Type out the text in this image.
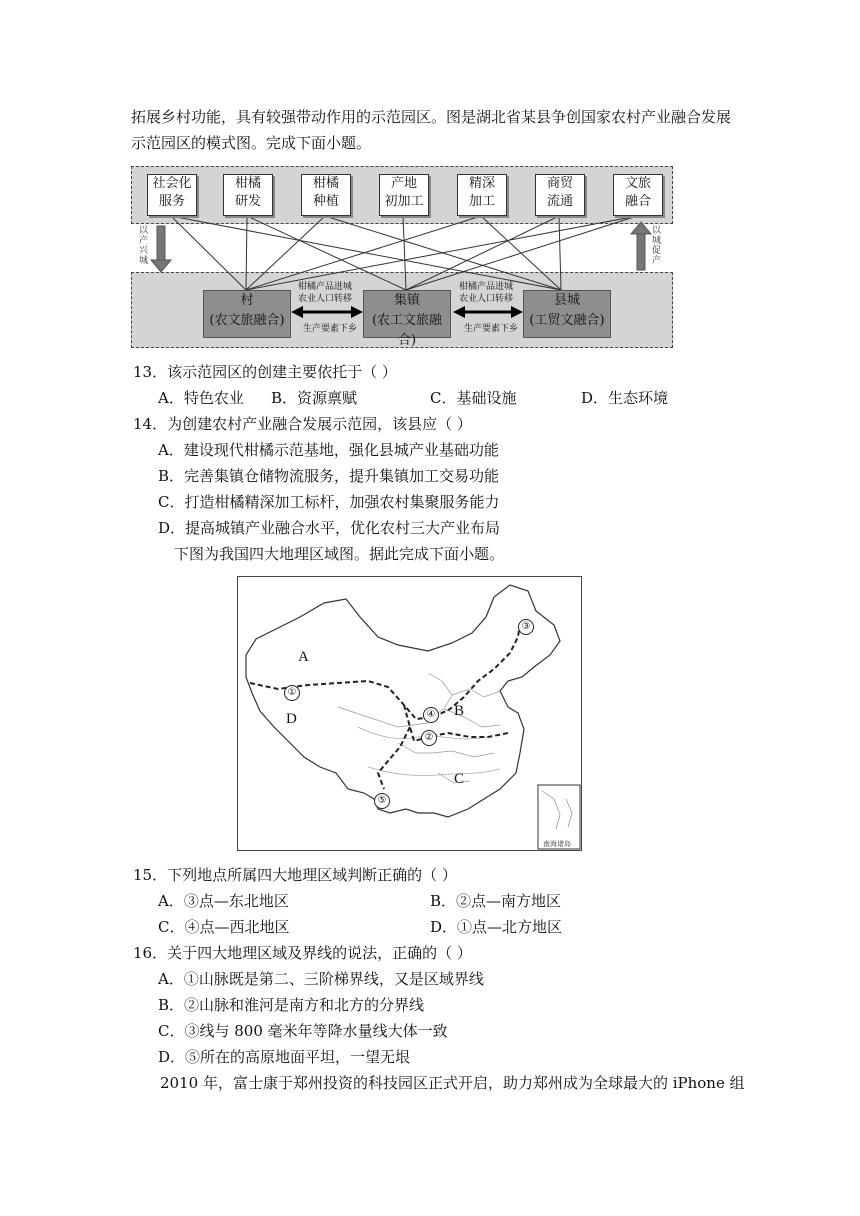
拓展乡村功能，具有较强带动作用的示范园区。图是湖北省某县争创国家农村产业融合发展
示范园区的模式图。完成下面小题。
社会化
服务
柑橘
研发
柑橘
种植
产地
初加工
精深
加工
商贸
流通
文旅
融合
村
(农文旅融合)
集镇
(农工文旅融合)
县城
(工贸文融合)
柑橘产品进城
农业人口转移
生产要素下乡
柑橘产品进城
农业人口转移
生产要素下乡
以产兴城
以城促产
13．该示范园区的创建主要依托于（ ）
A．特色农业 B．资源禀赋	C．基础设施	D．生态环境
14．为创建农村产业融合发展示范园，该县应（ ）
A．建设现代柑橘示范基地，强化县城产业基础功能
B．完善集镇仓储物流服务，提升集镇加工交易功能
C．打造柑橘精深加工标杆，加强农村集聚服务能力
D．提高城镇产业融合水平，优化农村三大产业布局
下图为我国四大地理区域图。据此完成下面小题。
A
B
C
D
①
②
③
④
⑤
南海诸岛
15．下列地点所属四大地理区域判断正确的（ ）
A．③点—东北地区	B．②点—南方地区
C．④点—西北地区	D．①点—北方地区
16．关于四大地理区域及界线的说法，正确的（ ）
A．①山脉既是第二、三阶梯界线，又是区域界线
B．②山脉和淮河是南方和北方的分界线
C．③线与 800 毫米年等降水量线大体一致
D．⑤所在的高原地面平坦，一望无垠
2010 年，富士康于郑州投资的科技园区正式开启，助力郑州成为全球最大的 iPhone 组
